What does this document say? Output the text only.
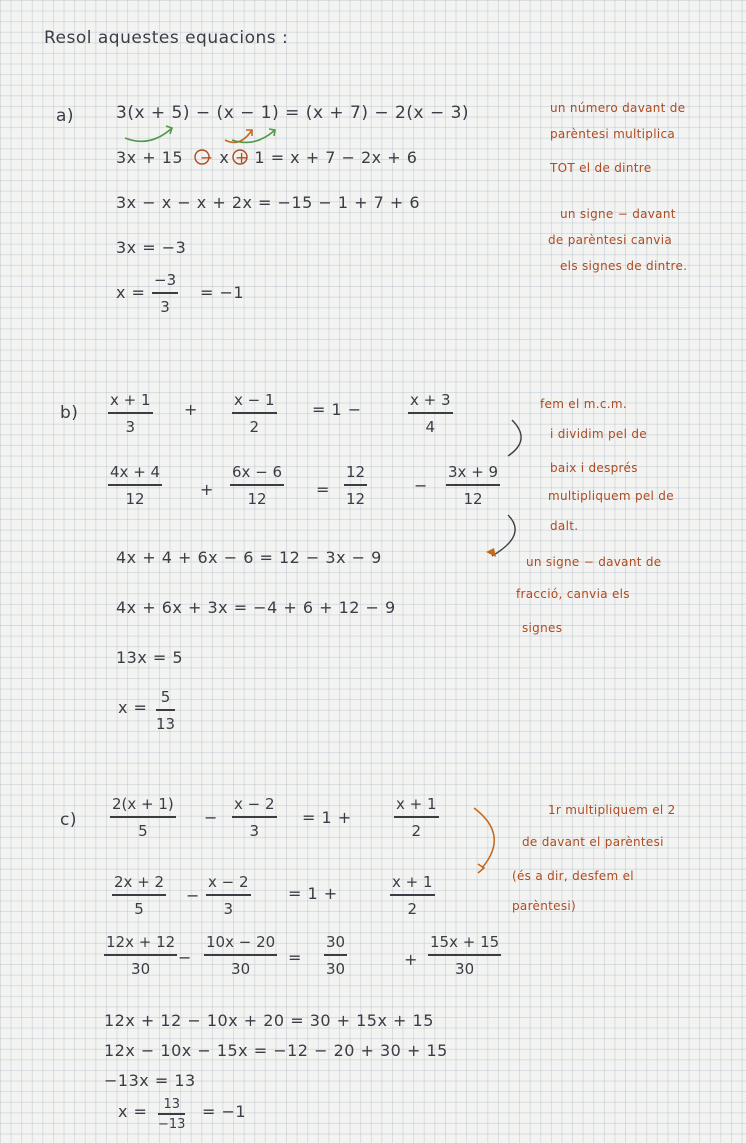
Resol aquestes equacions :
a) 3(x + 5) − (x − 1) = (x + 7) − 2(x − 3)
3x + 15 − x + 1 = x + 7 − 2x + 6
3x − x − x + 2x = −15 − 1 + 7 + 6
3x = −3
x =
−3
3
= −1
un número davant de
parèntesi multiplica
TOT el de dintre
un signe − davant
de parèntesi canvia
els signes de dintre.
b)
x + 1
3
+ x − 1
2
= 1 −	x + 3
4
4x + 4
12	+
6x − 6
12	=
12
12
−
3x + 9
12
4x + 4 + 6x − 6 = 12 − 3x − 9
4x + 6x + 3x = −4 + 6 + 12 − 9
13x = 5
x =
5
13
fem el m.c.m.
i dividim pel de
baix i després
multipliquem pel de
dalt.
un signe − davant de
fracció, canvia els
signes
c)
2(x + 1)
5
−
x − 2
3
= 1 +
x + 1
2
2x + 2
5
−
x − 2
3
= 1 +
x + 1
2
12x + 12
30
−
10x − 20
30
=
30
30	+
15x + 15
30
12x + 12 − 10x + 20 = 30 + 15x + 15
12x − 10x − 15x = −12 − 20 + 30 + 15
−13x = 13
x =	13
−13
= −1
1r multipliquem el 2
de davant el parèntesi
(és a dir, desfem el
parèntesi)
